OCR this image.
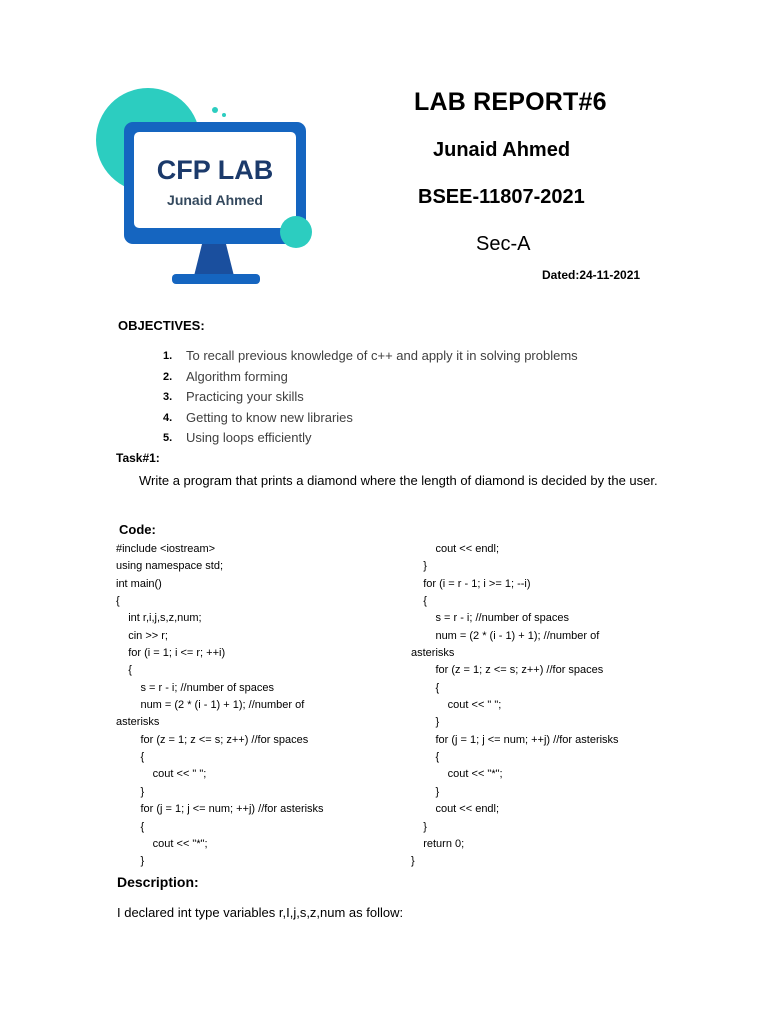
CFP LAB
Junaid Ahmed
LAB REPORT#6
Junaid Ahmed
BSEE-11807-2021
Sec-A
Dated:24-11-2021
OBJECTIVES:
1.	To recall previous knowledge of c++ and apply it in solving problems
2.	Algorithm forming
3.	Practicing your skills
4.	Getting to know new libraries
5.	Using loops efficiently
Task#1:
Write a program that prints a diamond where the length of diamond is decided by the user.
Code:
#include <iostream>
using namespace std;
int main()
{
int r,i,j,s,z,num;
cin >> r;
for (i = 1; i <= r; ++i)
{
s = r - i; //number of spaces
num = (2 * (i - 1) + 1); //number of
asterisks
for (z = 1; z <= s; z++) //for spaces
{
cout << " ";
}
for (j = 1; j <= num; ++j) //for asterisks
{
cout << "*";
}
cout << endl;
}
for (i = r - 1; i >= 1; --i)
{
s = r - i; //number of spaces
num = (2 * (i - 1) + 1); //number of
asterisks
for (z = 1; z <= s; z++) //for spaces
{
cout << " ";
}
for (j = 1; j <= num; ++j) //for asterisks
{
cout << "*";
}
cout << endl;
}
return 0;
}
Description:
I declared int type variables r,I,j,s,z,num as follow:
